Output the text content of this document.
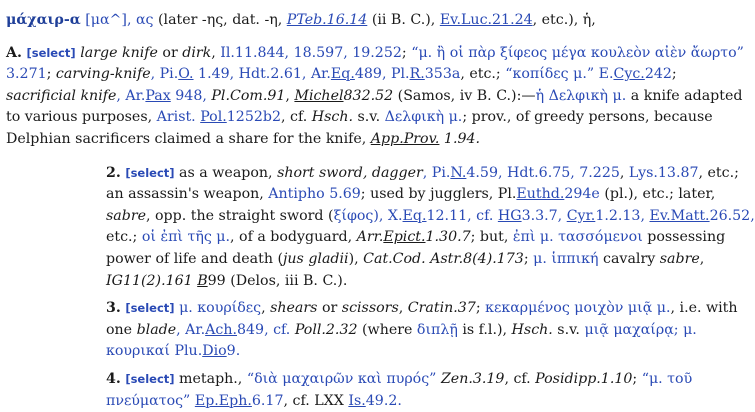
μάχαιρ-α [μα^], ας (later -ης, dat. -η, PTeb.16.14 (ii B. C.), Ev.Luc.21.24, etc.), ἡ,
A. [select] large knife or dirk, Il.11.844, 18.597, 19.252; “μ. ἢ οἱ πὰρ ξίφεος μέγα κουλεὸν αἰὲν ἄωρτο”
3.271; carving-knife, Pi.O. 1.49, Hdt.2.61, Ar.Eq.489, Pl.R.353a, etc.; “κοπίδες μ.” E.Cyc.242;
sacrificial knife, Ar.Pax 948, Pl.Com.91, Michel832.52 (Samos, iv B. C.):—ἡ Δελφικὴ μ. a knife adapted
to various purposes, Arist. Pol.1252b2, cf. Hsch. s.v. Δελφικὴ μ.; prov., of greedy persons, because
Delphian sacrificers claimed a share for the knife, App.Prov. 1.94.
2. [select] as a weapon, short sword, dagger, Pi.N.4.59, Hdt.6.75, 7.225, Lys.13.87, etc.;
an assassin's weapon, Antipho 5.69; used by jugglers, Pl.Euthd.294e (pl.), etc.; later,
sabre, opp. the straight sword (ξίφος), X.Eq.12.11, cf. HG3.3.7, Cyr.1.2.13, Ev.Matt.26.52,
etc.; οἱ ἐπὶ τῆς μ., of a bodyguard, Arr.Epict.1.30.7; but, ἐπὶ μ. τασσόμενοι possessing
power of life and death (jus gladii), Cat.Cod. Astr.8(4).173; μ. ἱππική cavalry sabre,
IG11(2).161 B99 (Delos, iii B. C.).
3. [select] μ. κουρίδες, shears or scissors, Cratin.37; κεκαρμένος μοιχὸν μιᾷ μ., i.e. with
one blade, Ar.Ach.849, cf. Poll.2.32 (where διπλῇ is f.l.), Hsch. s.v. μιᾷ μαχαίρᾳ; μ.
κουρικαί Plu.Dio9.
4. [select] metaph., “διὰ μαχαιρῶν καὶ πυρός” Zen.3.19, cf. Posidipp.1.10; “μ. τοῦ
πνεύματος” Ep.Eph.6.17, cf. LXX Is.49.2.
